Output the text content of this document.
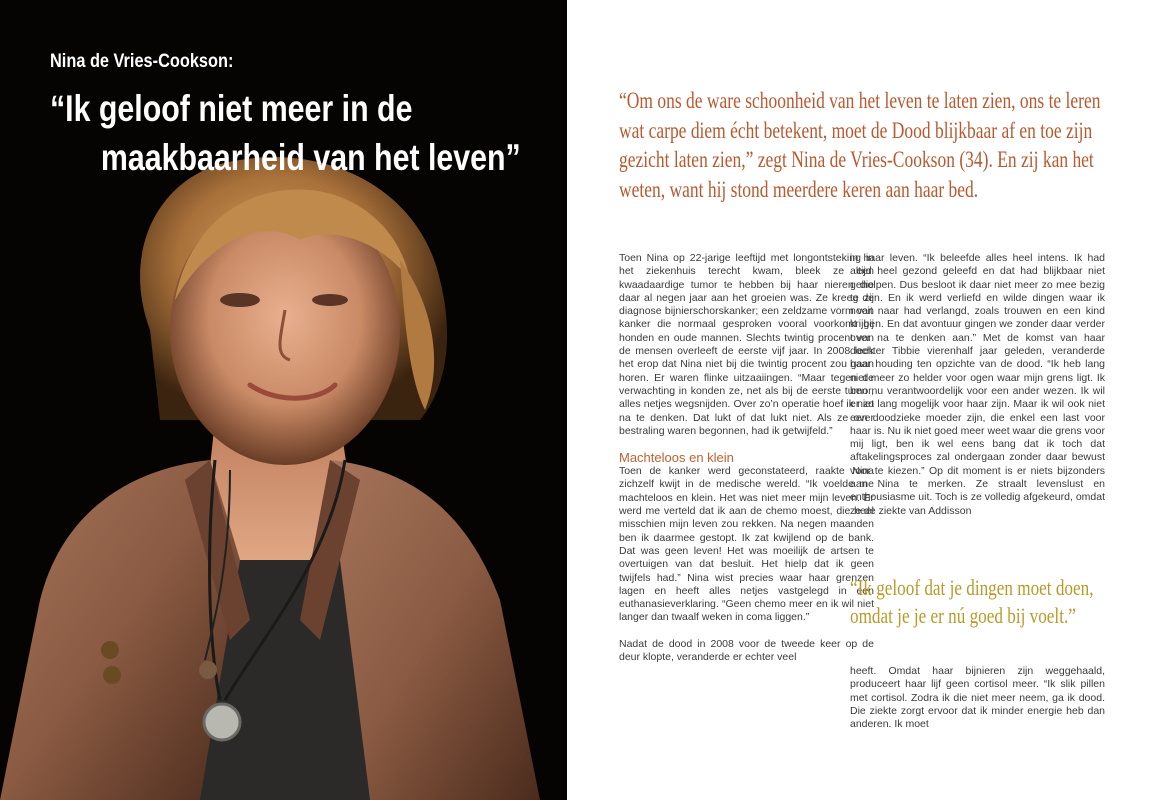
Nina de Vries-Cookson:
“Ik geloof niet meer in de
maakbaarheid van het leven”
“Om ons de ware schoonheid van het leven te laten zien, ons te leren
wat carpe diem écht betekent, moet de Dood blijkbaar af en toe zijn
gezicht laten zien,” zegt Nina de Vries-Cookson (34). En zij kan het
weten, want hij stond meerdere keren aan haar bed.

Toen Nina op 22-jarige leeftijd met longontsteking in het ziekenhuis terecht kwam, bleek ze een kwaadaardige tumor te hebben bij haar nieren die daar al negen jaar aan het groeien was. Ze kreeg de diagnose bijnierschorskanker; een zeldzame vorm van kanker die normaal gesproken vooral voorkomt bij honden en oude mannen. Slechts twintig procent van de mensen overleeft de eerste vijf jaar. In 2008 leek het erop dat Nina niet bij die twintig procent zou gaan horen. Er waren flinke uitzaaiingen. “Maar tegen de verwachting in konden ze, net als bij de eerste tumor, alles netjes wegsnijden. Over zo’n operatie hoef ik niet na te denken. Dat lukt of dat lukt niet. Als ze over bestraling waren begonnen, had ik getwijfeld.”

Machteloos en klein

Toen de kanker werd geconstateerd, raakte Nina zichzelf kwijt in de medische wereld. “Ik voelde me machteloos en klein. Het was niet meer mijn leven. Er werd me verteld dat ik aan de chemo moest, die heel misschien mijn leven zou rekken. Na negen maanden ben ik daarmee gestopt. Ik zat kwijlend op de bank. Dat was geen leven! Het was moeilijk de artsen te overtuigen van dat besluit. Het hielp dat ik geen twijfels had.” Nina wist precies waar haar grenzen lagen en heeft alles netjes vastgelegd in een euthanasieverklaring. “Geen chemo meer en ik wil niet langer dan twaalf weken in coma liggen.”

Nadat de dood in 2008 voor de tweede keer op de deur klopte, veranderde er echter veel

in haar leven. “Ik beleefde alles heel intens. Ik had altijd heel gezond geleefd en dat had blijkbaar niet geholpen. Dus besloot ik daar niet meer zo mee bezig te zijn. En ik werd verliefd en wilde dingen waar ik nooit naar had verlangd, zoals trouwen en een kind krijgen. En dat avontuur gingen we zonder daar verder over na te denken aan.” Met de komst van haar dochter Tibbie vierenhalf jaar geleden, veranderde haar houding ten opzichte van de dood. “Ik heb lang niet meer zo helder voor ogen waar mijn grens ligt. Ik ben nu verantwoordelijk voor een ander wezen. Ik wil er zo lang mogelijk voor haar zijn. Maar ik wil ook niet een doodzieke moeder zijn, die enkel een last voor haar is. Nu ik niet goed meer weet waar die grens voor mij ligt, ben ik wel eens bang dat ik toch dat aftakelingsproces zal ondergaan zonder daar bewust voor te kiezen.” Op dit moment is er niets bijzonders aan Nina te merken. Ze straalt levenslust en enthousiasme uit. Toch is ze volledig afgekeurd, omdat ze de ziekte van Addisson

“Ik geloof dat je dingen moet doen,
omdat je je er nú goed bij voelt.”

heeft. Omdat haar bijnieren zijn weggehaald, produceert haar lijf geen cortisol meer. “Ik slik pillen met cortisol. Zodra ik die niet meer neem, ga ik dood. Die ziekte zorgt ervoor dat ik minder energie heb dan anderen. Ik moet
